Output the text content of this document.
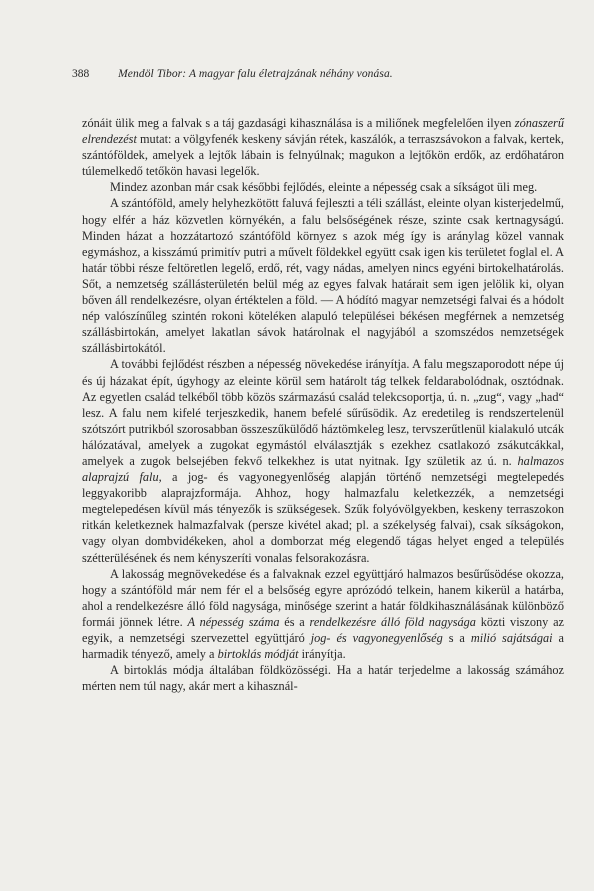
388	Mendöl Tibor: A magyar falu életrajzának néhány vonása.

zónáit ülik meg a falvak s a táj gazdasági kihasználása is a miliőnek megfelelően ilyen zónaszerű elrendezést mutat: a völgyfenék keskeny sávján rétek, kaszálók, a terraszsávokon a falvak, kertek, szántóföldek, amelyek a lejtők lábain is felnyúlnak; magukon a lejtőkön erdők, az erdőhatáron túlemelkedő tetőkön havasi legelők.

Mindez azonban már csak későbbi fejlődés, eleinte a népesség csak a síkságot üli meg.

A szántóföld, amely helyhezkötött faluvá fejleszti a téli szállást, eleinte olyan kisterjedelmű, hogy elfér a ház közvetlen környékén, a falu belsőségének része, szinte csak kertnagyságú. Minden házat a hozzátartozó szántóföld környez s azok még így is aránylag közel vannak egymáshoz, a kisszámú primitív putri a művelt földekkel együtt csak igen kis területet foglal el. A határ többi része feltöretlen legelő, erdő, rét, vagy nádas, amelyen nincs egyéni birtokelhatárolás. Sőt, a nemzetség szállásterületén belül még az egyes falvak határait sem igen jelölik ki, olyan bőven áll rendelkezésre, olyan értéktelen a föld. — A hódító magyar nemzetségi falvai és a hódolt nép valószínűleg szintén rokoni köteléken alapuló települései békésen megférnek a nemzetség szállásbirtokán, amelyet lakatlan sávok határolnak el nagyjából a szomszédos nemzetségek szállásbirtokától.

A további fejlődést részben a népesség növekedése irányítja. A falu megszaporodott népe új és új házakat épít, úgyhogy az eleinte körül sem határolt tág telkek feldarabolódnak, osztódnak. Az egyetlen család telkéből több közös származású család telekcsoportja, ú. n. „zug“, vagy „had“ lesz. A falu nem kifelé terjeszkedik, hanem befelé sűrűsödik. Az eredetileg is rendszertelenül szótszórt putrikból szorosabban összeszűkülődő háztömkeleg lesz, tervszerűtlenül kialakuló utcák hálózatával, amelyek a zugokat egymástól elválasztják s ezekhez csatlakozó zsákutcákkal, amelyek a zugok belsejében fekvő telkekhez is utat nyitnak. Igy születik az ú. n. halmazos alaprajzú falu, a jog- és vagyonegyenlőség alapján történő nemzetségi megtelepedés leggyakoribb alaprajzformája. Ahhoz, hogy halmazfalu keletkezzék, a nemzetségi megtelepedésen kívül más tényezők is szükségesek. Szűk folyóvölgyekben, keskeny terraszokon ritkán keletkeznek halmazfalvak (persze kivétel akad; pl. a székelység falvai), csak síkságokon, vagy olyan dombvidékeken, ahol a domborzat még elegendő tágas helyet enged a település szétterülésének és nem kényszeríti vonalas felsorakozásra.

A lakosság megnövekedése és a falvaknak ezzel együttjáró halmazos besűrűsödése okozza, hogy a szántóföld már nem fér el a belsőség egyre aprózódó telkein, hanem kikerül a határba, ahol a rendelkezésre álló föld nagysága, minősége szerint a határ földkihasználásának különböző formái jönnek létre. A népesség száma és a rendelkezésre álló föld nagysága közti viszony az egyik, a nemzetségi szervezettel együttjáró jog- és vagyonegyenlőség s a milió sajátságai a harmadik tényező, amely a birtoklás módját irányítja.

A birtoklás módja általában földközösségi. Ha a határ terjedelme a lakosság számához mérten nem túl nagy, akár mert a kihasznál-
